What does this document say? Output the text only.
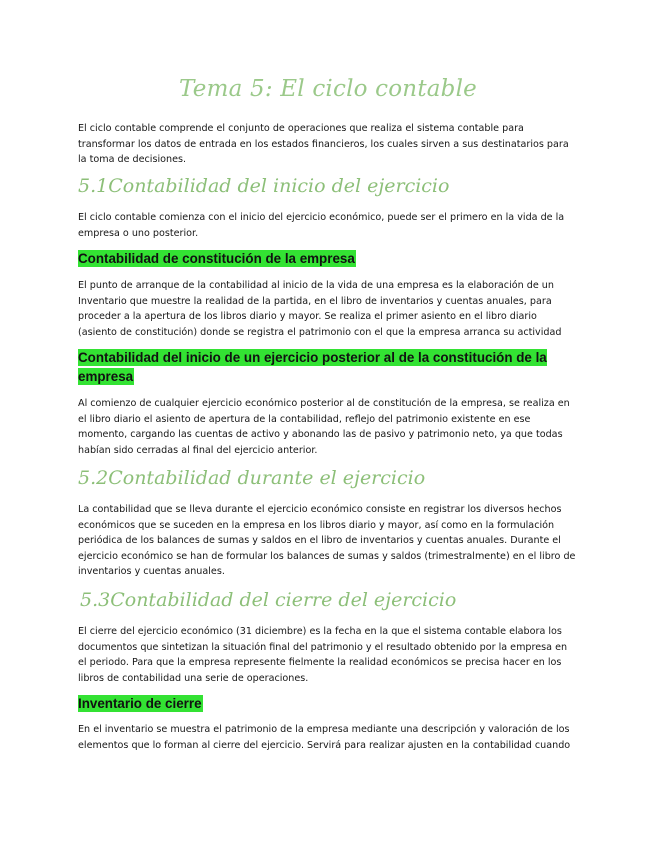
Tema 5: El ciclo contable

El ciclo contable comprende el conjunto de operaciones que realiza el sistema contable para transformar los datos de entrada en los estados financieros, los cuales sirven a sus destinatarios para la toma de decisiones.

5.1Contabilidad del inicio del ejercicio

El ciclo contable comienza con el inicio del ejercicio económico, puede ser el primero en la vida de la empresa o uno posterior.

Contabilidad de constitución de la empresa

El punto de arranque de la contabilidad al inicio de la vida de una empresa es la elaboración de un Inventario que muestre la realidad de la partida, en el libro de inventarios y cuentas anuales, para proceder a la apertura de los libros diario y mayor. Se realiza el primer asiento en el libro diario (asiento de constitución) donde se registra el patrimonio con el que la empresa arranca su actividad

Contabilidad del inicio de un ejercicio posterior al de la constitución de la empresa

Al comienzo de cualquier ejercicio económico posterior al de constitución de la empresa, se realiza en el libro diario el asiento de apertura de la contabilidad, reflejo del patrimonio existente en ese momento, cargando las cuentas de activo y abonando las de pasivo y patrimonio neto, ya que todas habían sido cerradas al final del ejercicio anterior.

5.2Contabilidad durante el ejercicio

La contabilidad que se lleva durante el ejercicio económico consiste en registrar los diversos hechos económicos que se suceden en la empresa en los libros diario y mayor, así como en la formulación periódica de los balances de sumas y saldos en el libro de inventarios y cuentas anuales. Durante el ejercicio económico se han de formular los balances de sumas y saldos (trimestralmente) en el libro de inventarios y cuentas anuales.

5.3Contabilidad del cierre del ejercicio

El cierre del ejercicio económico (31 diciembre) es la fecha en la que el sistema contable elabora los documentos que sintetizan la situación final del patrimonio y el resultado obtenido por la empresa en el periodo. Para que la empresa represente fielmente la realidad económicos se precisa hacer en los libros de contabilidad una serie de operaciones.

Inventario de cierre

En el inventario se muestra el patrimonio de la empresa mediante una descripción y valoración de los elementos que lo forman al cierre del ejercicio. Servirá para realizar ajusten en la contabilidad cuando
